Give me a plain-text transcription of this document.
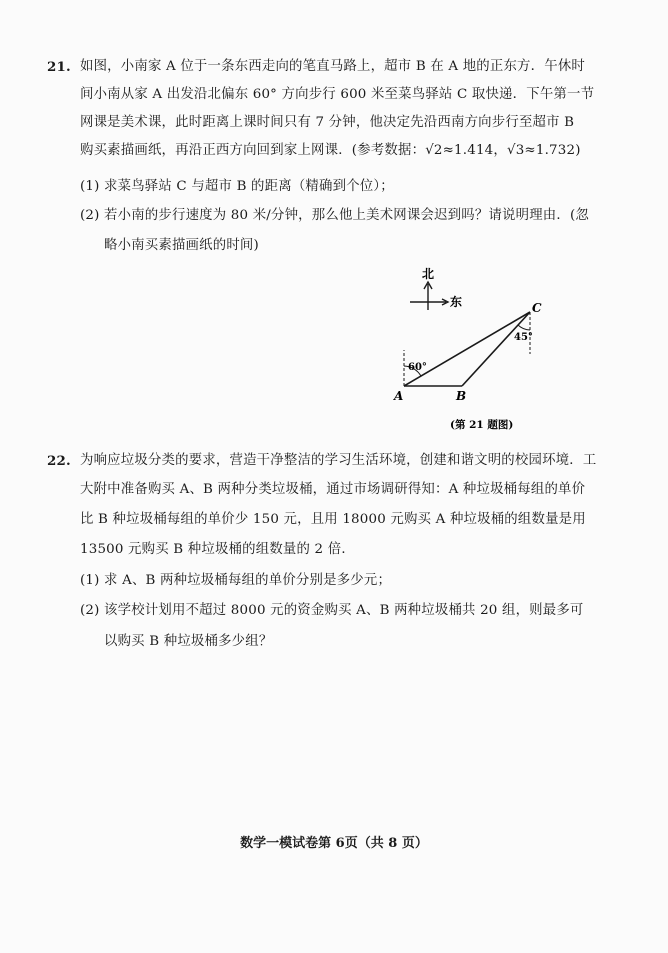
21. 如图，小南家 A 位于一条东西走向的笔直马路上，超市 B 在 A 地的正东方．午休时
间小南从家 A 出发沿北偏东 60° 方向步行 600 米至菜鸟驿站 C 取快递．下午第一节
网课是美术课，此时距离上课时间只有 7 分钟，他决定先沿西南方向步行至超市 B
购买素描画纸，再沿正西方向回到家上网课．(参考数据：√2≈1.414，√3≈1.732)
(1) 求菜鸟驿站 C 与超市 B 的距离（精确到个位）；
(2) 若小南的步行速度为 80 米/分钟，那么他上美术网课会迟到吗？请说明理由．(忽
略小南买素描画纸的时间)
北
东
60°
45°
A	B
C
(第 21 题图)
22. 为响应垃圾分类的要求，营造干净整洁的学习生活环境，创建和谐文明的校园环境．工
大附中准备购买 A、B 两种分类垃圾桶，通过市场调研得知：A 种垃圾桶每组的单价
比 B 种垃圾桶每组的单价少 150 元，且用 18000 元购买 A 种垃圾桶的组数量是用
13500 元购买 B 种垃圾桶的组数量的 2 倍．
(1) 求 A、B 两种垃圾桶每组的单价分别是多少元；
(2) 该学校计划用不超过 8000 元的资金购买 A、B 两种垃圾桶共 20 组，则最多可
以购买 B 种垃圾桶多少组？
数学一模试卷第 6页（共 8 页）
